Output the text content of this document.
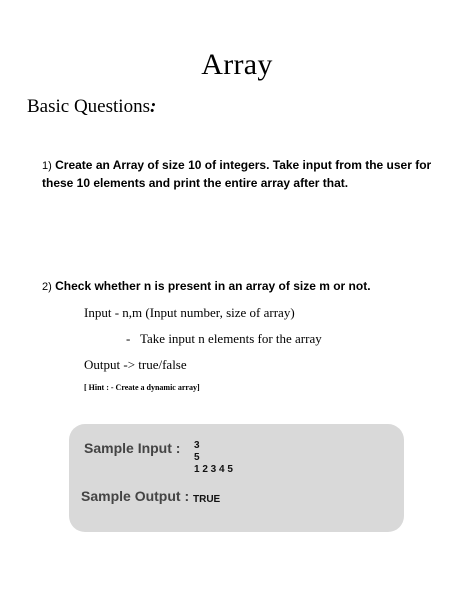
Array
Basic Questions:
1) Create an Array of size 10 of integers. Take input from the user for these 10 elements and print the entire array after that.
2) Check whether n is present in an array of size m or not.
Input - n,m (Input number, size of array)
- Take input n elements for the array
Output -> true/false
[ Hint : - Create a dynamic array]
Sample Input : 3
5
1 2 3 4 5
Sample Output : TRUE
